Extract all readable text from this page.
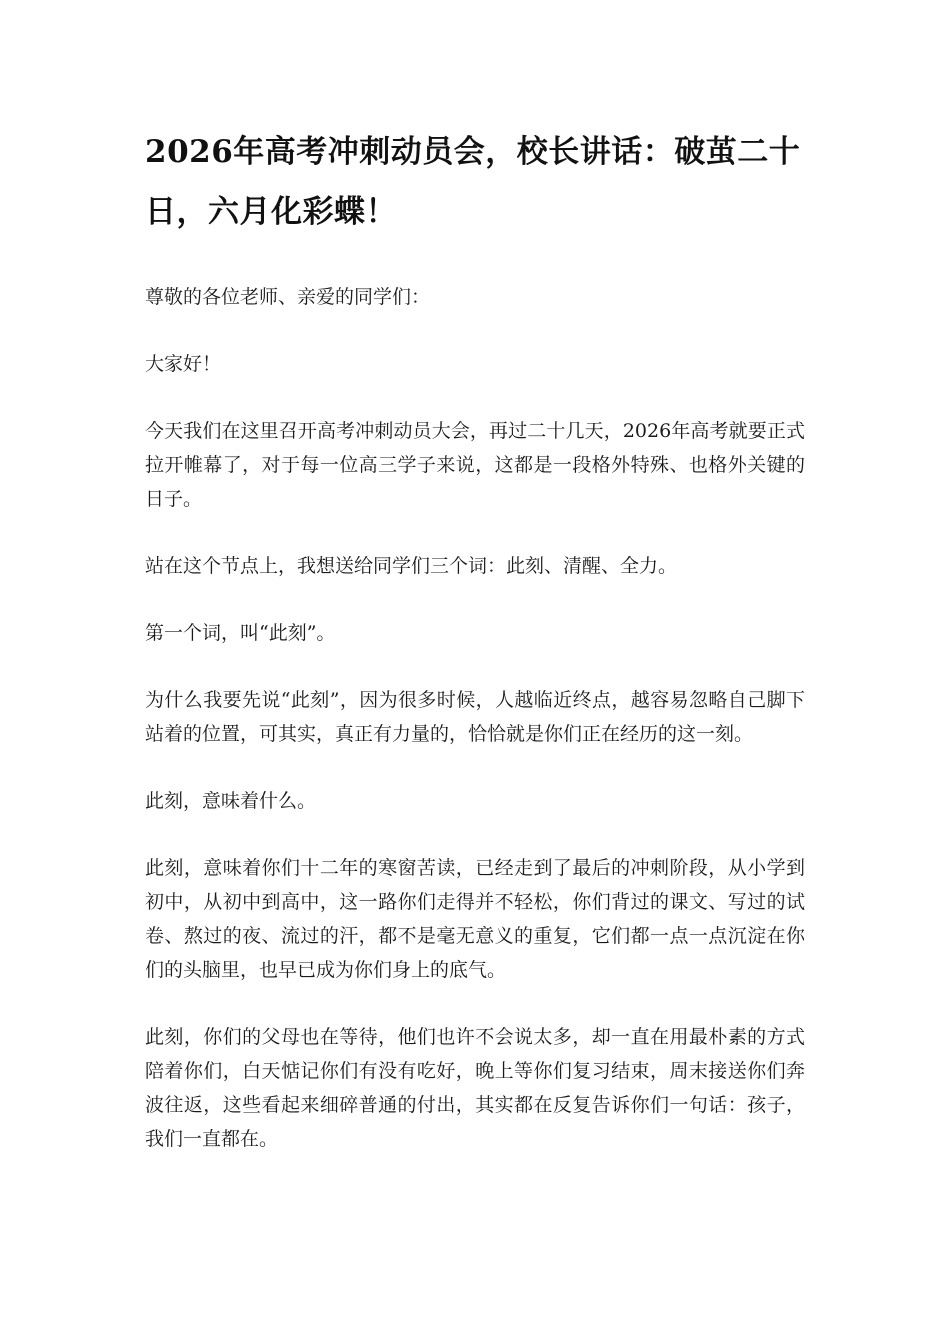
2026年高考冲刺动员会，校长讲话：破茧二十日，六月化彩蝶！

尊敬的各位老师、亲爱的同学们：

大家好！

今天我们在这里召开高考冲刺动员大会，再过二十几天，2026年高考就要正式拉开帷幕了，对于每一位高三学子来说，这都是一段格外特殊、也格外关键的日子。

站在这个节点上，我想送给同学们三个词：此刻、清醒、全力。

第一个词，叫“此刻”。

为什么我要先说“此刻”，因为很多时候，人越临近终点，越容易忽略自己脚下站着的位置，可其实，真正有力量的，恰恰就是你们正在经历的这一刻。

此刻，意味着什么。

此刻，意味着你们十二年的寒窗苦读，已经走到了最后的冲刺阶段，从小学到初中，从初中到高中，这一路你们走得并不轻松，你们背过的课文、写过的试卷、熬过的夜、流过的汗，都不是毫无意义的重复，它们都一点一点沉淀在你们的头脑里，也早已成为你们身上的底气。

此刻，你们的父母也在等待，他们也许不会说太多，却一直在用最朴素的方式陪着你们，白天惦记你们有没有吃好，晚上等你们复习结束，周末接送你们奔波往返，这些看起来细碎普通的付出，其实都在反复告诉你们一句话：孩子，我们一直都在。
